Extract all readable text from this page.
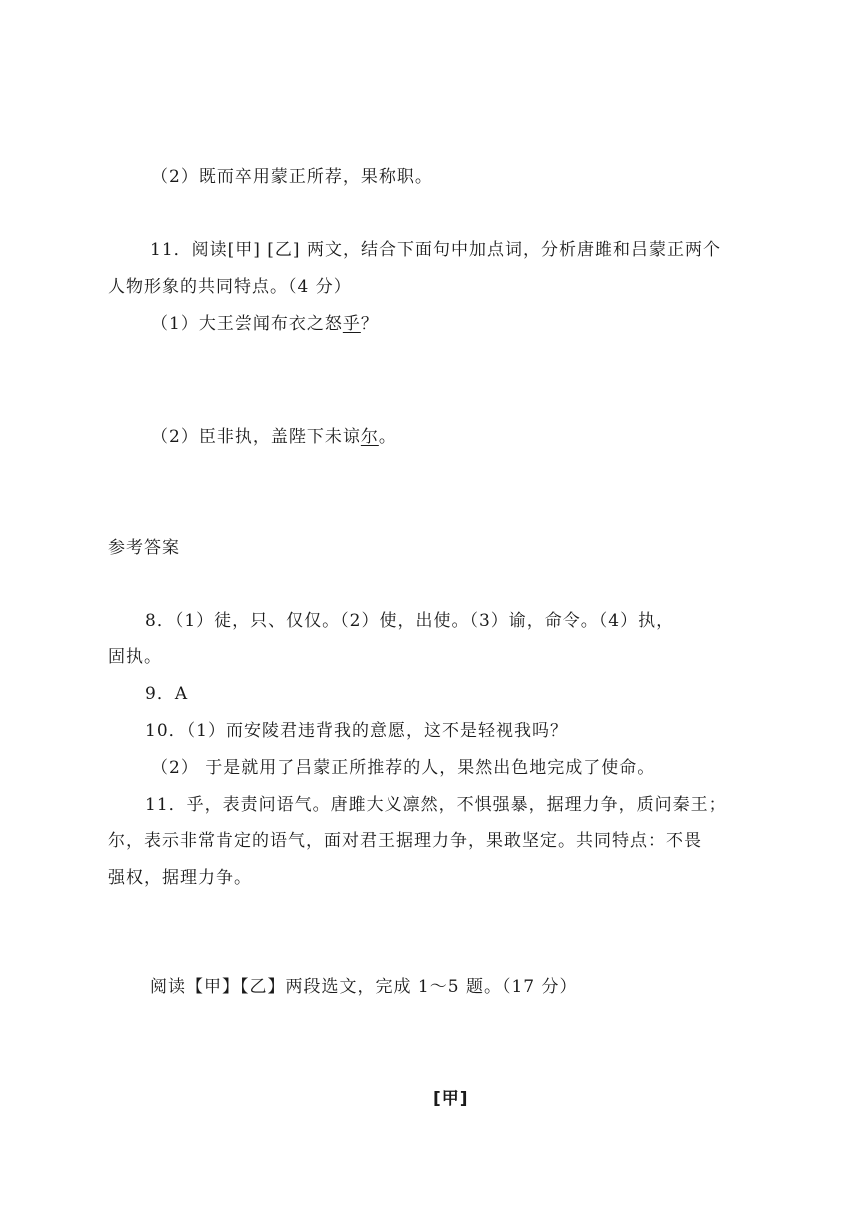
（2）既而卒用蒙正所荐，果称职。
11．阅读[甲] [乙] 两文，结合下面句中加点词，分析唐雎和吕蒙正两个
人物形象的共同特点。（4 分）
（1）大王尝闻布衣之怒乎？
（2）臣非执，盖陛下未谅尔。
参考答案
8．（1）徒，只、仅仅。（2）使，出使。（3）谕，命令。（4）执，
固执。
9．A
10．（1）而安陵君违背我的意愿，这不是轻视我吗？
（2） 于是就用了吕蒙正所推荐的人，果然出色地完成了使命。
11．乎，表责问语气。唐雎大义凛然，不惧强暴，据理力争，质问秦王；
尔，表示非常肯定的语气，面对君王据理力争，果敢坚定。共同特点：不畏
强权，据理力争。
阅读【甲】【乙】两段选文，完成 1～5 题。（17 分）
[甲]
